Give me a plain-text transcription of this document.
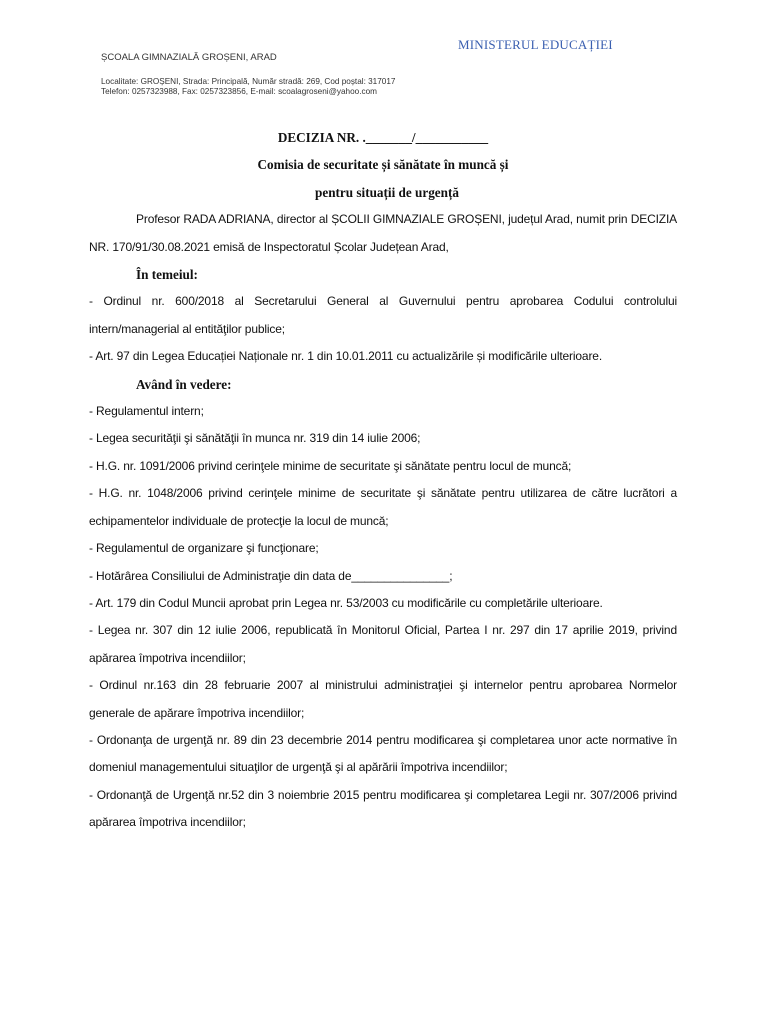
MINISTERUL EDUCAȚIEI
ȘCOALA GIMNAZIALĂ GROȘENI, ARAD
Localitate: GROȘENI, Strada: Principală, Număr stradă: 269, Cod poștal: 317017
Telefon: 0257323988, Fax: 0257323856, E-mail: scoalagroseni@yahoo.com

DECIZIA NR. ._______/___________

Comisia de securitate și sănătate în muncă și

pentru situații de urgență

Profesor RADA ADRIANA, director al ȘCOLII GIMNAZIALE GROȘENI, județul Arad, numit prin DECIZIA NR. 170/91/30.08.2021 emisă de Inspectoratul Școlar Județean Arad,

În temeiul:

- Ordinul nr. 600/2018 al Secretarului General al Guvernului pentru aprobarea Codului controlului intern/managerial al entităţilor publice;

- Art. 97 din Legea Educației Naționale nr. 1 din 10.01.2011 cu actualizările și modificările ulterioare.

Având în vedere:

- Regulamentul intern;

- Legea securităţii şi sănătăţii în munca nr. 319 din 14 iulie 2006;

- H.G. nr. 1091/2006 privind cerinţele minime de securitate şi sănătate pentru locul de muncă;

- H.G. nr. 1048/2006 privind cerinţele minime de securitate şi sănătate pentru utilizarea de către lucrători a echipamentelor individuale de protecţie la locul de muncă;

- Regulamentul de organizare şi funcţionare;

- Hotărârea Consiliului de Administraţie din data de_______________;

- Art. 179 din Codul Muncii aprobat prin Legea nr. 53/2003 cu modificările cu completările ulterioare.

- Legea nr. 307 din 12 iulie 2006, republicată în Monitorul Oficial, Partea I nr. 297 din 17 aprilie 2019, privind apărarea împotriva incendiilor;

- Ordinul nr.163 din 28 februarie 2007 al ministrului administraţiei şi internelor pentru aprobarea Normelor generale de apărare împotriva incendiilor;

- Ordonanţa de urgenţă nr. 89 din 23 decembrie 2014 pentru modificarea şi completarea unor acte normative în domeniul managementului situaţilor de urgenţă şi al apărării împotriva incendiilor;

- Ordonanţă de Urgenţă nr.52 din 3 noiembrie 2015 pentru modificarea şi completarea Legii nr. 307/2006 privind apărarea împotriva incendiilor;
